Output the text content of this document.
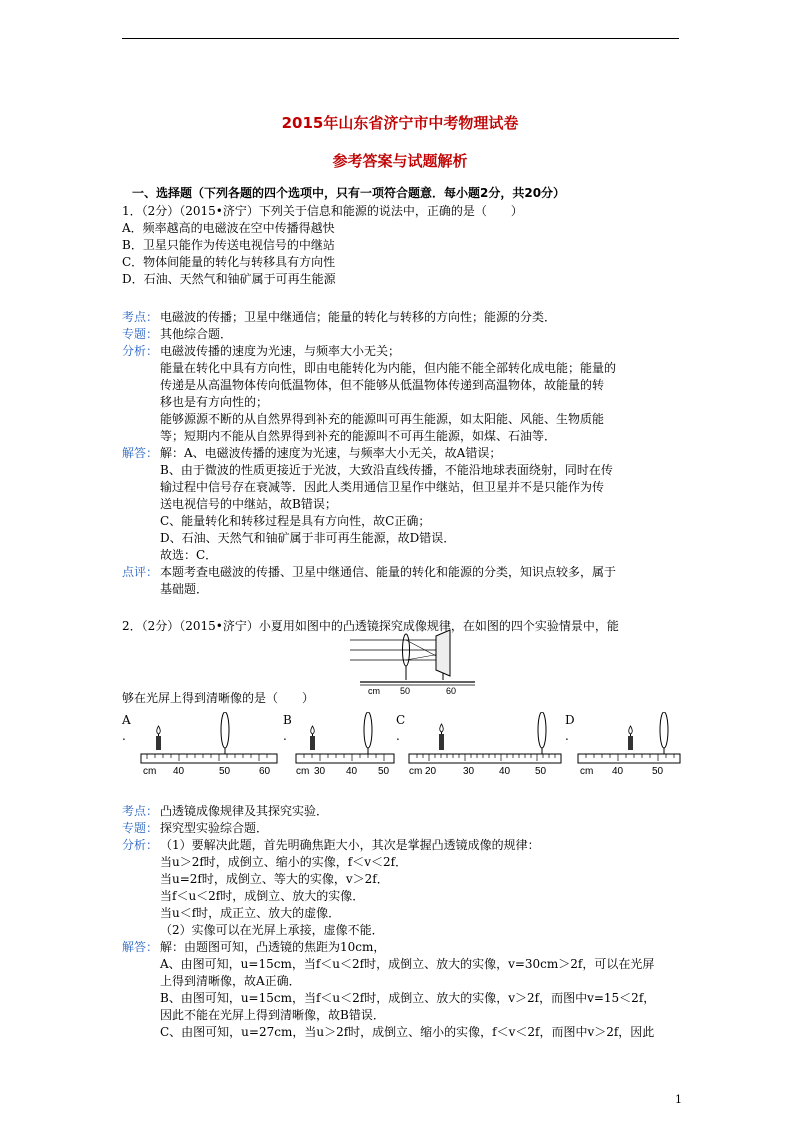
2015年山东省济宁市中考物理试卷
参考答案与试题解析
一、选择题（下列各题的四个选项中，只有一项符合题意．每小题2分，共20分）
1．（2分）（2015•济宁）下列关于信息和能源的说法中，正确的是（　　）
A．频率越高的电磁波在空中传播得越快
B．卫星只能作为传送电视信号的中继站
C．物体间能量的转化与转移具有方向性
D．石油、天然气和铀矿属于可再生能源
考点： 电磁波的传播；卫星中继通信；能量的转化与转移的方向性；能源的分类．
专题： 其他综合题．
分析： 电磁波传播的速度为光速，与频率大小无关；
能量在转化中具有方向性，即由电能转化为内能，但内能不能全部转化成电能；能量的
传递是从高温物体传向低温物体，但不能够从低温物体传递到高温物体，故能量的转
移也是有方向性的；
能够源源不断的从自然界得到补充的能源叫可再生能源，如太阳能、风能、生物质能
等；短期内不能从自然界得到补充的能源叫不可再生能源，如煤、石油等．
解答： 解：A、电磁波传播的速度为光速，与频率大小无关，故A错误；
B、由于微波的性质更接近于光波，大致沿直线传播，不能沿地球表面绕射，同时在传
输过程中信号存在衰减等．因此人类用通信卫星作中继站，但卫星并不是只能作为传
送电视信号的中继站，故B错误；
C、能量转化和转移过程是具有方向性，故C正确；
D、石油、天然气和铀矿属于非可再生能源，故D错误．
故选：C．
点评： 本题考查电磁波的传播、卫星中继通信、能量的转化和能源的分类，知识点较多，属于
基础题．
2．（2分）（2015•济宁）小夏用如图中的凸透镜探究成像规律，在如图的四个实验情景中，能
cm 50	60
够在光屏上得到清晰像的是（　　）
A
.
B
.
C
.
D
.
cm 40	50	60	cm 30 40 50 cm 20	30 40 50	cm 40	50
考点： 凸透镜成像规律及其探究实验．
专题： 探究型实验综合题．
分析： （1）要解决此题，首先明确焦距大小，其次是掌握凸透镜成像的规律：
当u＞2f时，成倒立、缩小的实像，f＜v＜2f．
当u=2f时，成倒立、等大的实像，v＞2f．
当f＜u＜2f时，成倒立、放大的实像．
当u＜f时，成正立、放大的虚像．
（2）实像可以在光屏上承接，虚像不能．
解答： 解：由题图可知，凸透镜的焦距为10cm，
A、由图可知，u=15cm，当f＜u＜2f时，成倒立、放大的实像，v=30cm＞2f，可以在光屏
上得到清晰像，故A正确．
B、由图可知，u=15cm，当f＜u＜2f时，成倒立、放大的实像，v＞2f，而图中v=15＜2f，
因此不能在光屏上得到清晰像，故B错误．
C、由图可知，u=27cm，当u＞2f时，成倒立、缩小的实像，f＜v＜2f，而图中v＞2f，因此
1
